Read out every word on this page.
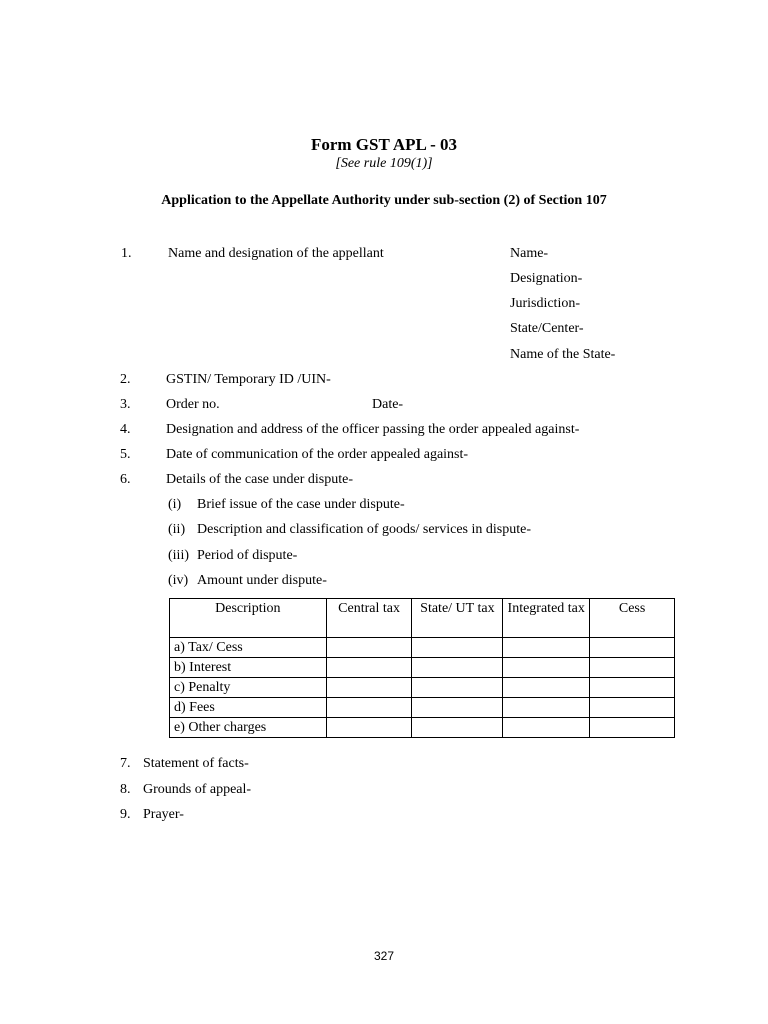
Form GST APL - 03
[See rule 109(1)]
Application to the Appellate Authority under sub-section (2) of Section 107
1.	Name and designation of the appellant	Name-
Designation-
Jurisdiction-
State/Center-
Name of the State-
2.	GSTIN/ Temporary ID /UIN-
3.	Order no.	Date-
4.	Designation and address of the officer passing the order appealed against-
5.	Date of communication of the order appealed against-
6.	Details of the case under dispute-
(i) Brief issue of the case under dispute-
(ii) Description and classification of goods/ services in dispute-
(iii) Period of dispute-
(iv) Amount under dispute-
Description	Central tax	State/ UT tax	Integrated tax	Cess
a) Tax/ Cess				
b) Interest				
c) Penalty				
d) Fees				
e) Other charges				
7. Statement of facts-
8. Grounds of appeal-
9. Prayer-
327
